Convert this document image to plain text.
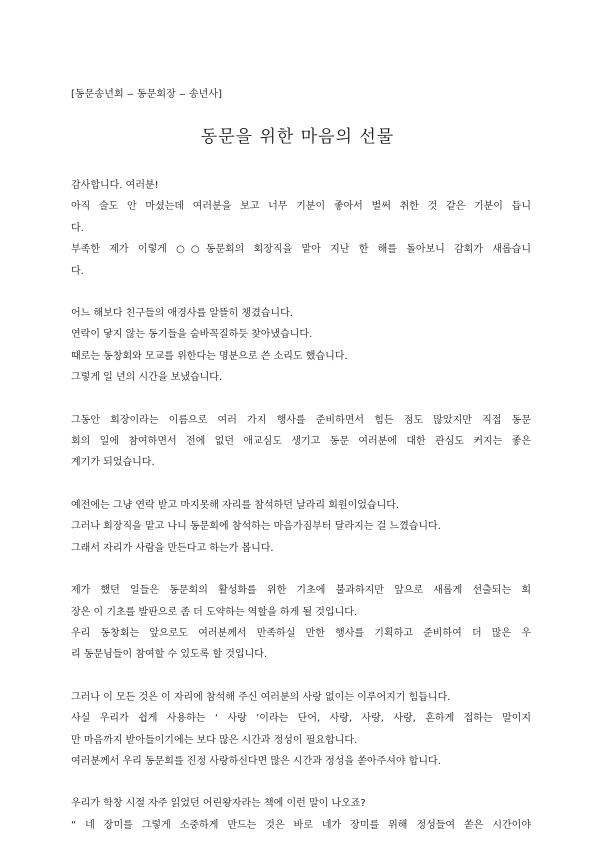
[동문송년회 ‒ 동문회장 ‒ 송년사]
동문을 위한 마음의 선물

감사합니다. 여러분!
아직 술도 안 마셨는데 여러분을 보고 너무 기분이 좋아서 벌써 취한 것 같은 기분이 듭니
다.
부족한 제가 이렇게 ○○동문회의 회장직을 맡아 지난 한 해를 돌아보니 감회가 새롭습니
다.

어느 해보다 친구들의 애경사를 알뜰히 챙겼습니다.
연락이 닿지 않는 동기들을 숨바꼭질하듯 찾아냈습니다.
때로는 동창회와 모교를 위한다는 명분으로 쓴 소리도 했습니다.
그렇게 일 년의 시간을 보냈습니다.

그동안 회장이라는 이름으로 여러 가지 행사를 준비하면서 힘든 점도 많았지만 직접 동문
회의 일에 참여하면서 전에 없던 애교심도 생기고 동문 여러분에 대한 관심도 커지는 좋은
계기가 되었습니다.

예전에는 그냥 연락 받고 마지못해 자리를 참석하던 날라리 회원이었습니다.
그러나 회장직을 맡고 나니 동문회에 참석하는 마음가짐부터 달라지는 걸 느꼈습니다.
그래서 자리가 사람을 만든다고 하는가 봅니다.

제가 했던 일들은 동문회의 활성화를 위한 기초에 불과하지만 앞으로 새롭게 선출되는 회
장은 이 기초를 발판으로 좀 더 도약하는 역할을 하게 될 것입니다.
우리 동창회는 앞으로도 여러분께서 만족하실 만한 행사를 기획하고 준비하여 더 많은 우
리 동문님들이 참여할 수 있도록 할 것입니다.

그러나 이 모든 것은 이 자리에 참석해 주신 여러분의 사랑 없이는 이루어지기 힘듭니다.
사실 우리가 쉽게 사용하는 ‘ 사랑 ’이라는 단어, 사랑, 사랑, 사랑, 흔하게 접하는 말이지
만 마음까지 받아들이기에는 보다 많은 시간과 정성이 필요합니다.
여러분께서 우리 동문회를 진정 사랑하신다면 많은 시간과 정성을 쏟아주셔야 합니다.

우리가 학창 시절 자주 읽었던 어린왕자라는 책에 이런 말이 나오죠?
“ 네 장미를 그렇게 소중하게 만드는 것은 바로 네가 장미를 위해 정성들여 쏟은 시간이야
